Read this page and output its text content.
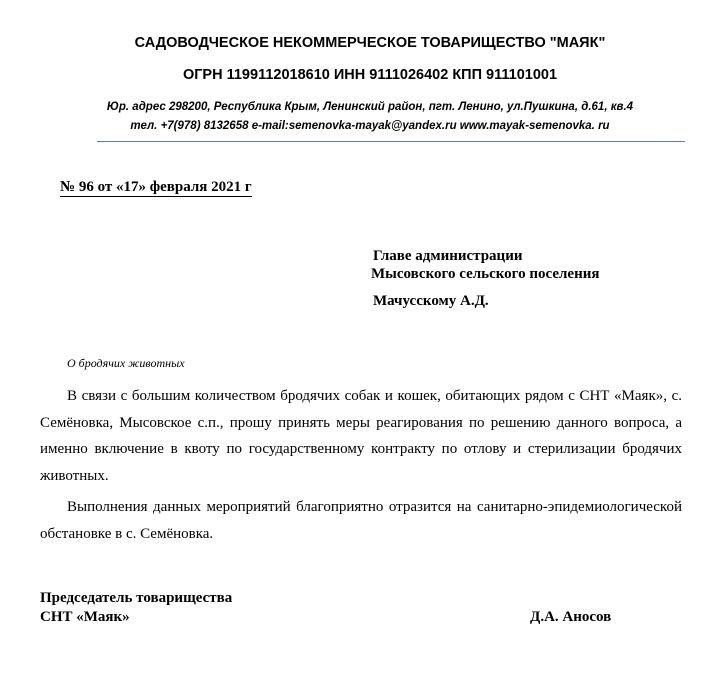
САДОВОДЧЕСКОЕ НЕКОММЕРЧЕСКОЕ ТОВАРИЩЕСТВО "МАЯК"
ОГРН 1199112018610 ИНН 9111026402 КПП 911101001
Юр. адрес 298200, Республика Крым, Ленинский район, пгт. Ленино, ул.Пушкина, д.61, кв.4
тел. +7(978) 8132658 e-mail:semenovka-mayak@yandex.ru www.mayak-semenovka. ru
№ 96 от «17» февраля 2021 г
Главе администрации
Мысовского сельского поселения
Мачусскому А.Д.
О бродячих животных
В связи с большим количеством бродячих собак и кошек, обитающих рядом с СНТ «Маяк», с. Семёновка, Мысовское с.п., прошу принять меры реагирования по решению данного вопроса, а именно включение в квоту по государственному контракту по отлову и стерилизации бродячих животных.
Выполнения данных мероприятий благоприятно отразится на санитарно-эпидемиологической обстановке в с. Семёновка.
Председатель товарищества
СНТ «Маяк»	Д.А. Аносов
